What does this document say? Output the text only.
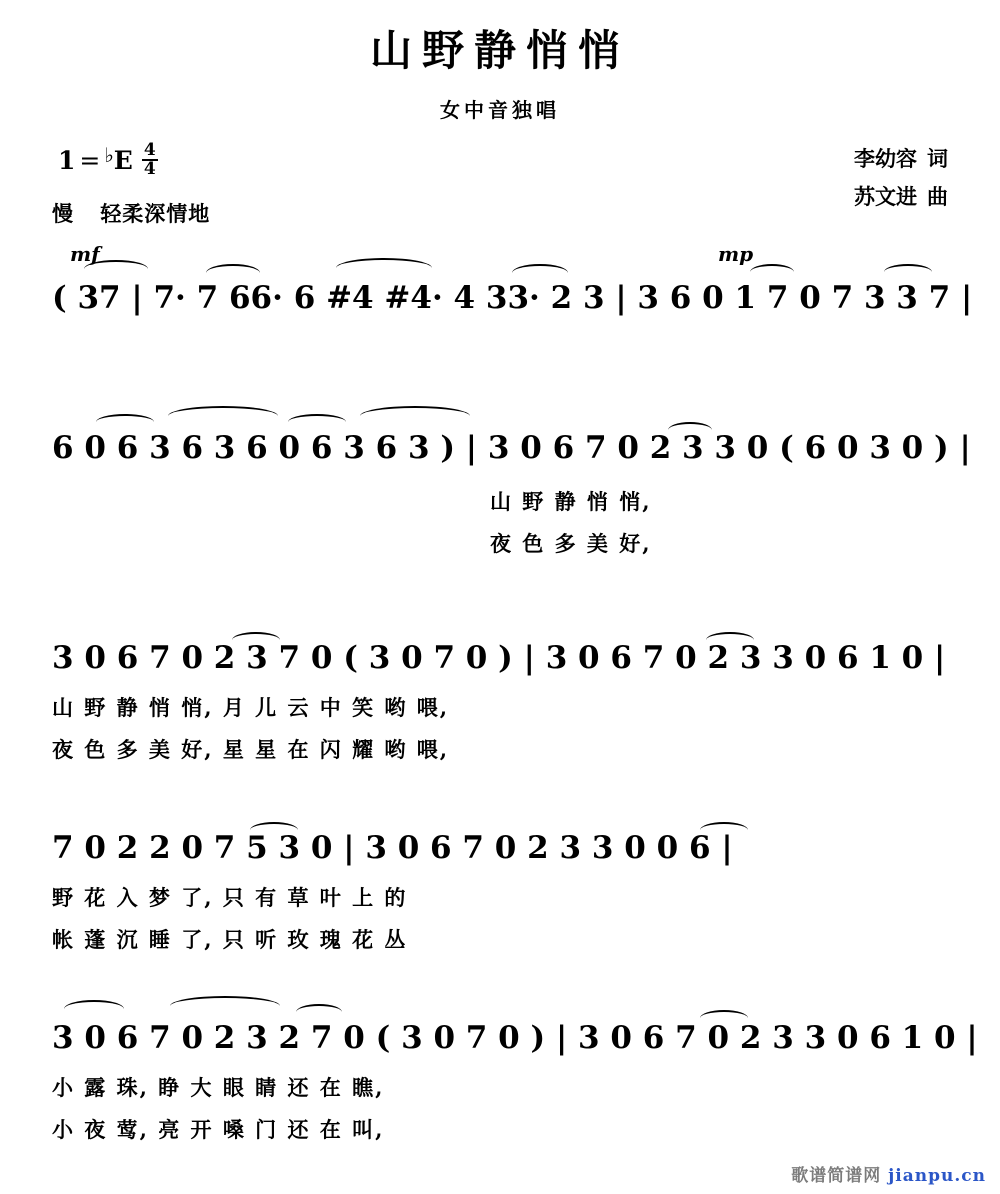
山野静悄悄
女中音独唱
1 = ♭ E $\frac{4}{4}$
慢 轻柔深情地
李幼容 词
苏文进 曲
mf	mp
( 37 | 7· 7 66· 6 #4 #4· 4 33· 2 3 | 3 6 0 1 7 0 7 3 3 7 |
6 0 6 3 6 3 6 0 6 3 6 3 ) | 3 0 6 7 0 2 3 3 0 ( 6 0 3 0 ) |
山 野 静 悄 悄,
夜 色 多 美 好,
3 0 6 7 0 2 3 7 0 ( 3 0 7 0 ) | 3 0 6 7 0 2 3 3 0 6 1 0 |
山 野 静 悄 悄, 月 儿 云 中 笑 哟 喂,
夜 色 多 美 好, 星 星 在 闪 耀 哟 喂,
7 0 2 2 0 7 5 3 0 | 3 0 6 7 0 2 3 3 0 0 6 |
野 花 入 梦 了, 只 有 草 叶 上 的
帐 蓬 沉 睡 了, 只 听 玫 瑰 花 丛
3 0 6 7 0 2 3 2 7 0 ( 3 0 7 0 ) | 3 0 6 7 0 2 3 3 0 6 1 0 |
小 露 珠, 睁 大 眼 睛 还 在 瞧,
小 夜 莺, 亮 开 嗓 门 还 在 叫,
歌谱简谱网 jianpu.cn
